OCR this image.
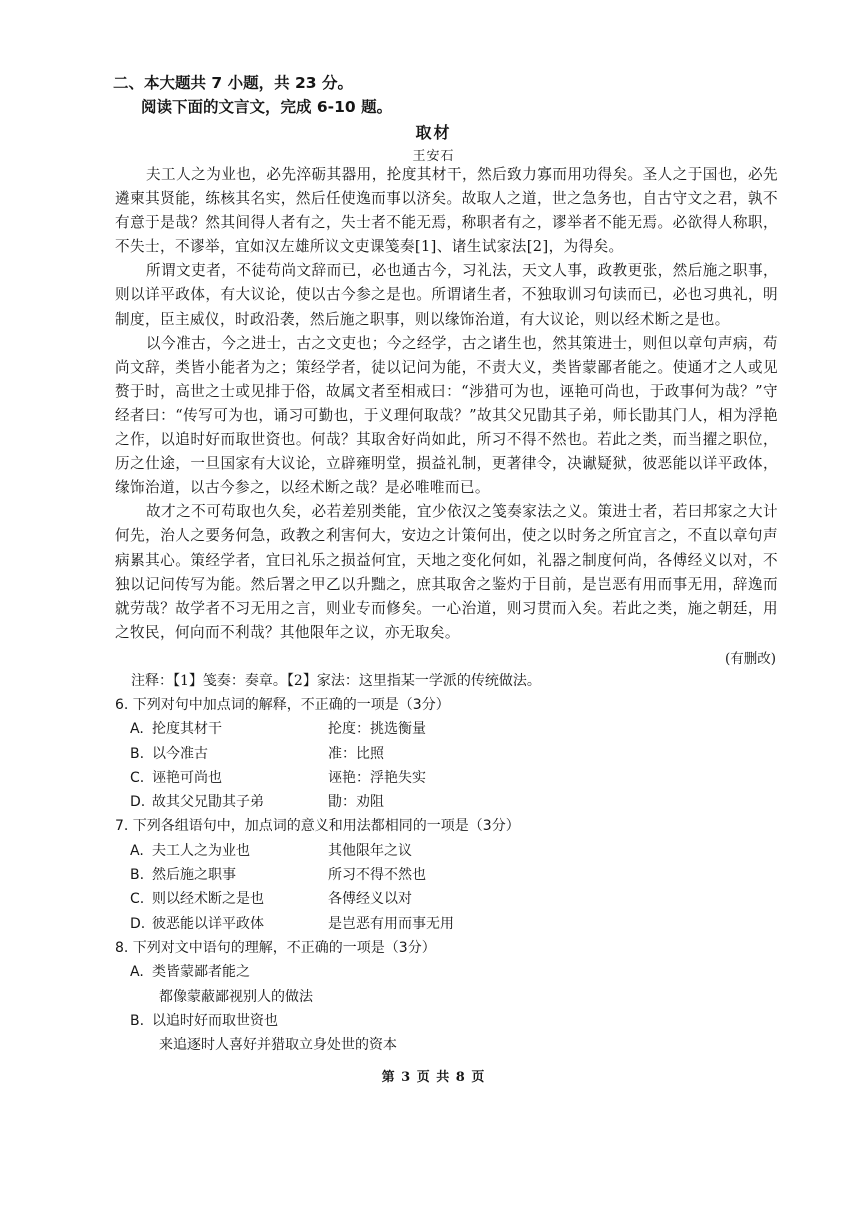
二、本大题共 7 小题，共 23 分。
阅读下面的文言文，完成 6-10 题。
取材
王安石

夫工人之为业也，必先淬砺其器用，抡度其材干，然后致力寡而用功得矣。圣人之于国也，必先遴柬其贤能，练核其名实，然后任使逸而事以济矣。故取人之道，世之急务也，自古守文之君，孰不有意于是哉？然其间得人者有之，失士者不能无焉，称职者有之，谬举者不能无焉。必欲得人称职，不失士，不谬举，宜如汉左雄所议文吏课笺奏[1]、诸生试家法[2]，为得矣。

所谓文吏者，不徒苟尚文辞而已，必也通古今，习礼法，天文人事，政教更张，然后施之职事，则以详平政体，有大议论，使以古今参之是也。所谓诸生者，不独取训习句读而已，必也习典礼，明制度，臣主威仪，时政沿袭，然后施之职事，则以缘饰治道，有大议论，则以经术断之是也。

以今准古，今之进士，古之文吏也；今之经学，古之诸生也，然其策进士，则但以章句声病，苟尚文辞，类皆小能者为之；策经学者，徒以记问为能，不责大义，类皆蒙鄙者能之。使通才之人或见赘于时，高世之士或见排于俗，故属文者至相戒曰：“涉猎可为也，诬艳可尚也，于政事何为哉？”守经者曰：“传写可为也，诵习可勤也，于义理何取哉？”故其父兄勖其子弟，师长勖其门人，相为浮艳之作，以追时好而取世资也。何哉？其取舍好尚如此，所习不得不然也。若此之类，而当擢之职位，历之仕途，一旦国家有大议论，立辟雍明堂，损益礼制，更著律令，决谳疑狱，彼恶能以详平政体，缘饰治道，以古今参之，以经术断之哉？是必唯唯而已。

故才之不可苟取也久矣，必若差别类能，宜少依汉之笺奏家法之义。策进士者，若曰邦家之大计何先，治人之要务何急，政教之利害何大，安边之计策何出，使之以时务之所宜言之，不直以章句声病累其心。策经学者，宜曰礼乐之损益何宜，天地之变化何如，礼器之制度何尚，各傅经义以对，不独以记问传写为能。然后署之甲乙以升黜之，庶其取舍之鉴灼于目前，是岂恶有用而事无用，辞逸而就劳哉？故学者不习无用之言，则业专而修矣。一心治道，则习贯而入矣。若此之类，施之朝廷，用之牧民，何向而不利哉？其他限年之议，亦无取矣。

(有删改)
注释：【1】笺奏：奏章。【2】家法：这里指某一学派的传统做法。
6. 下列对句中加点词的解释，不正确的一项是（3分）
A. 抡度其材干	抡度：挑选衡量
B. 以今准古	准：比照
C. 诬艳可尚也	诬艳：浮艳失实
D. 故其父兄勖其子弟	勖：劝阻
7. 下列各组语句中，加点词的意义和用法都相同的一项是（3分）
A. 夫工人之为业也	其他限年之议
B. 然后施之职事	所习不得不然也
C. 则以经术断之是也	各傅经义以对
D. 彼恶能以详平政体	是岂恶有用而事无用
8. 下列对文中语句的理解，不正确的一项是（3分）
A. 类皆蒙鄙者能之
都像蒙蔽鄙视别人的做法
B. 以追时好而取世资也
来追逐时人喜好并猎取立身处世的资本
第 3 页 共 8 页
